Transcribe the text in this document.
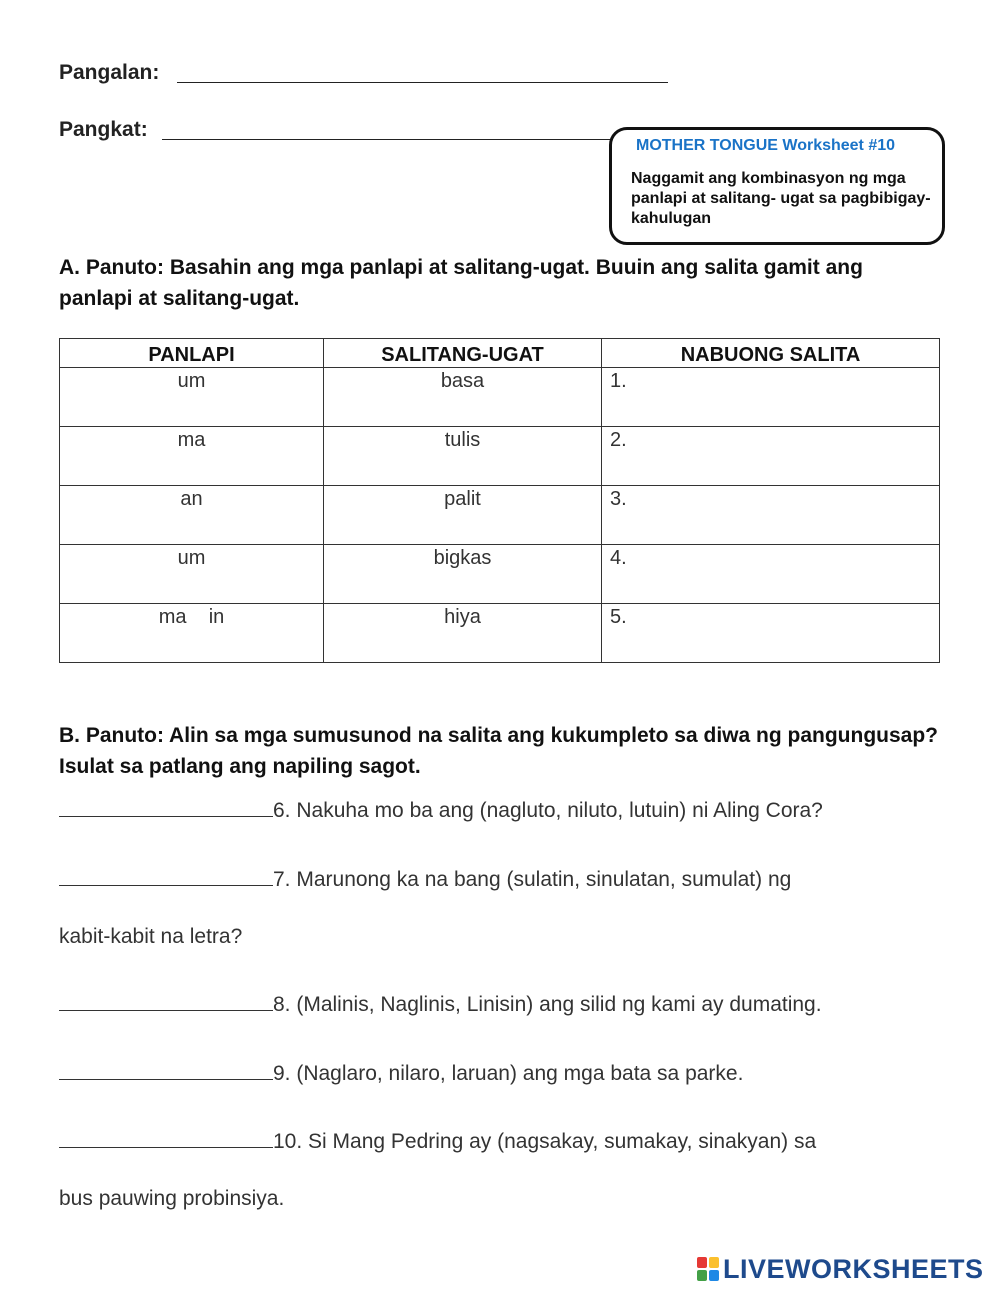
Pangalan:
Pangkat:
MOTHER TONGUE Worksheet #10
Naggamit ang kombinasyon ng mga panlapi at salitang- ugat sa pagbibigay-kahulugan
A. Panuto: Basahin ang mga panlapi at salitang-ugat. Buuin ang salita gamit ang panlapi at salitang-ugat.
PANLAPI	SALITANG-UGAT	NABUONG SALITA
um	basa	1.
ma	tulis	2.
an	palit	3.
um	bigkas	4.
ma    in	hiya	5.
B. Panuto: Alin sa mga sumusunod na salita ang kukumpleto sa diwa ng pangungusap? Isulat sa patlang ang napiling sagot.
6. Nakuha mo ba ang (nagluto, niluto, lutuin) ni Aling Cora?
7. Marunong ka na bang (sulatin, sinulatan, sumulat) ng
kabit-kabit na letra?
8. (Malinis, Naglinis, Linisin) ang silid ng kami ay dumating.
9. (Naglaro, nilaro, laruan) ang mga bata sa parke.
10. Si Mang Pedring ay (nagsakay, sumakay, sinakyan) sa
bus pauwing probinsiya.
LIVEWORKSHEETS
